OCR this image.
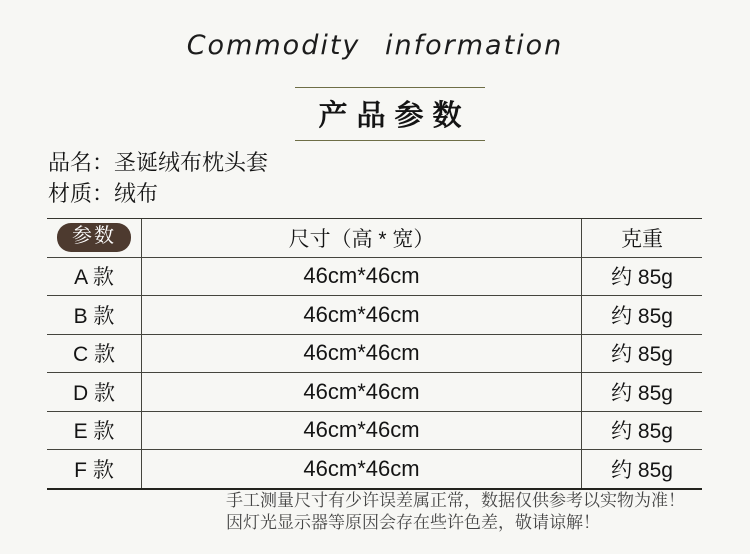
Commodity information
产品参数
品名：圣诞绒布枕头套
材质：绒布
参数	尺寸（高 * 宽）	克重
A 款	46cm*46cm	约 85g
B 款	46cm*46cm	约 85g
C 款	46cm*46cm	约 85g
D 款	46cm*46cm	约 85g
E 款	46cm*46cm	约 85g
F 款	46cm*46cm	约 85g
手工测量尺寸有少许误差属正常，数据仅供参考以实物为准！
因灯光显示器等原因会存在些许色差，敬请谅解！
